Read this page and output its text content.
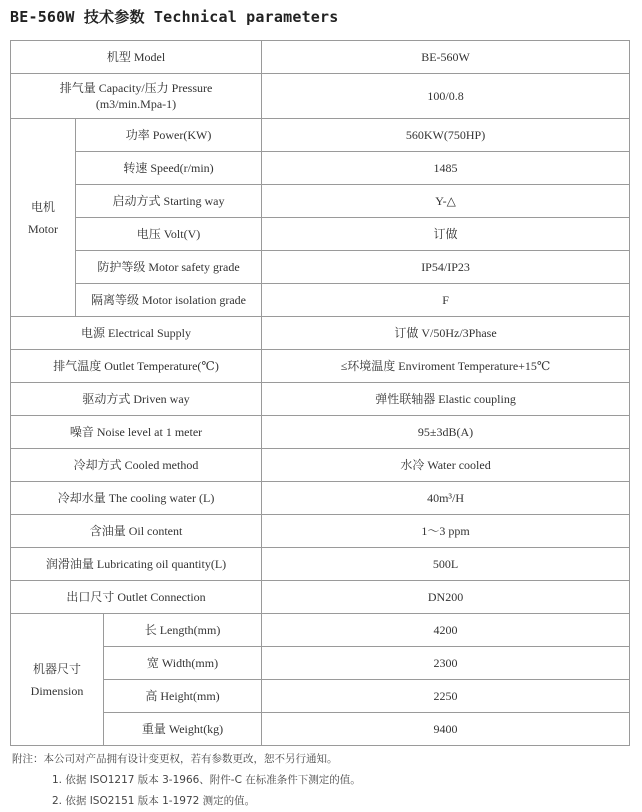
BE-560W 技术参数 Technical parameters
机型 Model			BE-560W
排气量 Capacity/压力 Pressure
(m3/min.Mpa-1)			100/0.8
电机
Motor	功率 Power(KW)		560KW(750HP)
	转速 Speed(r/min)		1485
	启动方式 Starting way		Y-△
	电压 Volt(V)		订做
	防护等级 Motor safety grade		IP54/IP23
	隔离等级 Motor isolation grade		F
电源 Electrical Supply			订做 V/50Hz/3Phase
排气温度 Outlet Temperature(℃)			≤环境温度 Enviroment Temperature+15℃
驱动方式 Driven way			弹性联轴器 Elastic coupling
噪音 Noise level at 1 meter			95±3dB(A)
冷却方式 Cooled method			水冷 Water cooled
冷却水量 The cooling water (L)			40m³/H
含油量 Oil content			1～3 ppm
润滑油量 Lubricating oil quantity(L)			500L
出口尺寸 Outlet Connection			DN200
机器尺寸
Dimension		长 Length(mm)	4200
		宽 Width(mm)	2300
		高 Height(mm)	2250
		重量 Weight(kg)	9400
附注：本公司对产品拥有设计变更权，若有参数更改，恕不另行通知。
1. 依据 ISO1217 版本 3-1966、附件-C 在标准条件下测定的值。
2. 依据 ISO2151 版本 1-1972 测定的值。
